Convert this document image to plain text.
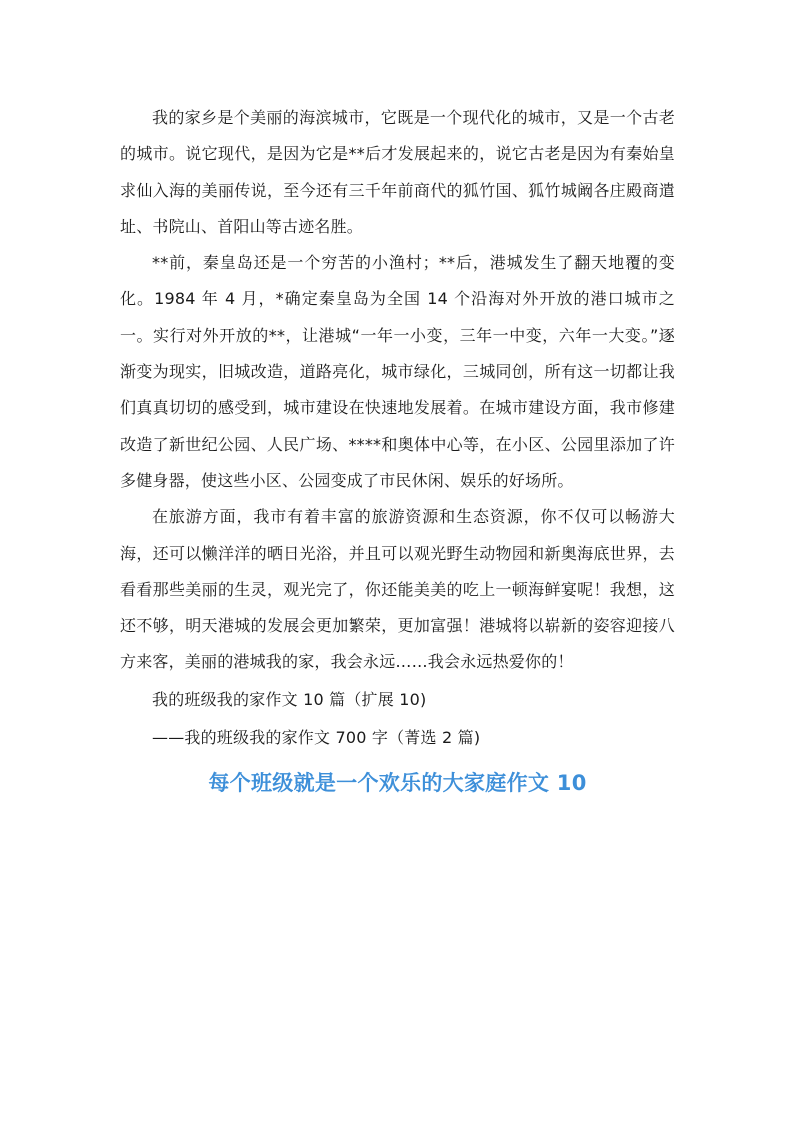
我的家乡是个美丽的海滨城市，它既是一个现代化的城市，又是一个古老的城市。说它现代，是因为它是**后才发展起来的，说它古老是因为有秦始皇求仙入海的美丽传说，至今还有三千年前商代的狐竹国、狐竹城阚各庄殿商遣址、书院山、首阳山等古迹名胜。

**前，秦皇岛还是一个穷苦的小渔村；**后，港城发生了翻天地覆的变化。1984 年 4 月，*确定秦皇岛为全国 14 个沿海对外开放的港口城市之一。实行对外开放的**，让港城“一年一小变，三年一中变，六年一大变。”逐渐变为现实，旧城改造，道路亮化，城市绿化，三城同创，所有这一切都让我们真真切切的感受到，城市建设在快速地发展着。在城市建设方面，我市修建改造了新世纪公园、人民广场、****和奥体中心等，在小区、公园里添加了许多健身器，使这些小区、公园变成了市民休闲、娱乐的好场所。

在旅游方面，我市有着丰富的旅游资源和生态资源，你不仅可以畅游大海，还可以懒洋洋的晒日光浴，并且可以观光野生动物园和新奥海底世界，去看看那些美丽的生灵，观光完了，你还能美美的吃上一顿海鲜宴呢！我想，这还不够，明天港城的发展会更加繁荣，更加富强！港城将以崭新的姿容迎接八方来客，美丽的港城我的家，我会永远……我会永远热爱你的！

我的班级我的家作文 10 篇（扩展 10)

——我的班级我的家作文 700 字（菁选 2 篇)

每个班级就是一个欢乐的大家庭作文 10
